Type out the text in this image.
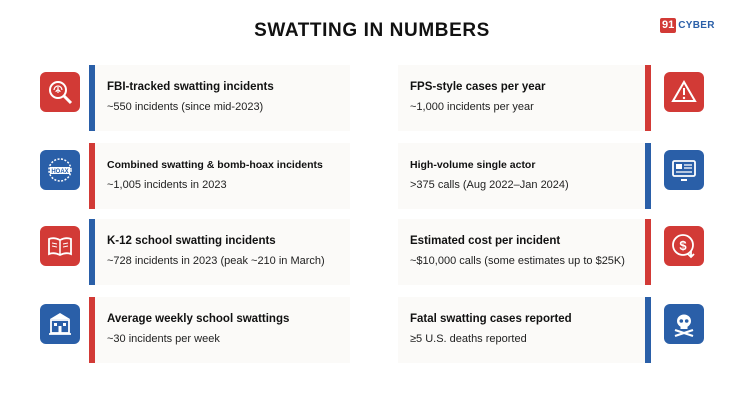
SWATTING IN NUMBERS	91 CYBER
FBI-tracked swatting incidents
~550 incidents (since mid-2023)
FPS-style cases per year
~1,000 incidents per year
HOAX
Combined swatting & bomb-hoax incidents
~1,005 incidents in 2023
High-volume single actor
>375 calls (Aug 2022–Jan 2024)
K-12 school swatting incidents
~728 incidents in 2023 (peak ~210 in March)
Estimated cost per incident
~$10,000 calls (some estimates up to $25K)
$
Average weekly school swattings
~30 incidents per week
Fatal swatting cases reported
≥5 U.S. deaths reported
